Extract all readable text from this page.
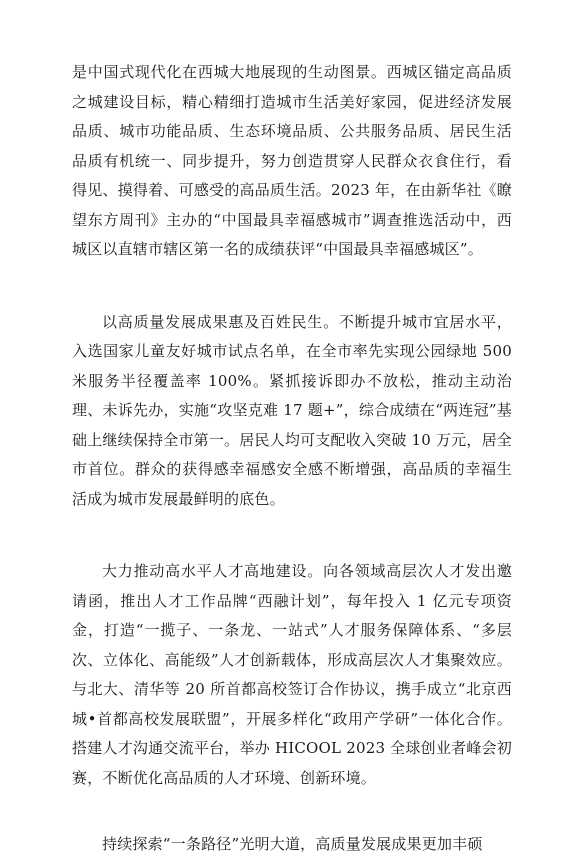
是中国式现代化在西城大地展现的生动图景。西城区锚定高品质之城建设目标，精心精细打造城市生活美好家园，促进经济发展品质、城市功能品质、生态环境品质、公共服务品质、居民生活品质有机统一、同步提升，努力创造贯穿人民群众衣食住行，看得见、摸得着、可感受的高品质生活。2023 年，在由新华社《瞭望东方周刊》主办的“中国最具幸福感城市”调查推选活动中，西城区以直辖市辖区第一名的成绩获评“中国最具幸福感城区”。

以高质量发展成果惠及百姓民生。不断提升城市宜居水平，入选国家儿童友好城市试点名单，在全市率先实现公园绿地 500 米服务半径覆盖率 100%。紧抓接诉即办不放松，推动主动治理、未诉先办，实施“攻坚克难 17 题+”，综合成绩在“两连冠”基础上继续保持全市第一。居民人均可支配收入突破 10 万元，居全市首位。群众的获得感幸福感安全感不断增强，高品质的幸福生活成为城市发展最鲜明的底色。

大力推动高水平人才高地建设。向各领域高层次人才发出邀请函，推出人才工作品牌“西融计划”，每年投入 1 亿元专项资金，打造“一揽子、一条龙、一站式”人才服务保障体系、“多层次、立体化、高能级”人才创新载体，形成高层次人才集聚效应。与北大、清华等 20 所首都高校签订合作协议，携手成立“北京西城•首都高校发展联盟”，开展多样化“政用产学研”一体化合作。搭建人才沟通交流平台，举办 HICOOL 2023 全球创业者峰会初赛，不断优化高品质的人才环境、创新环境。

持续探索“一条路径”光明大道，高质量发展成果更加丰硕
